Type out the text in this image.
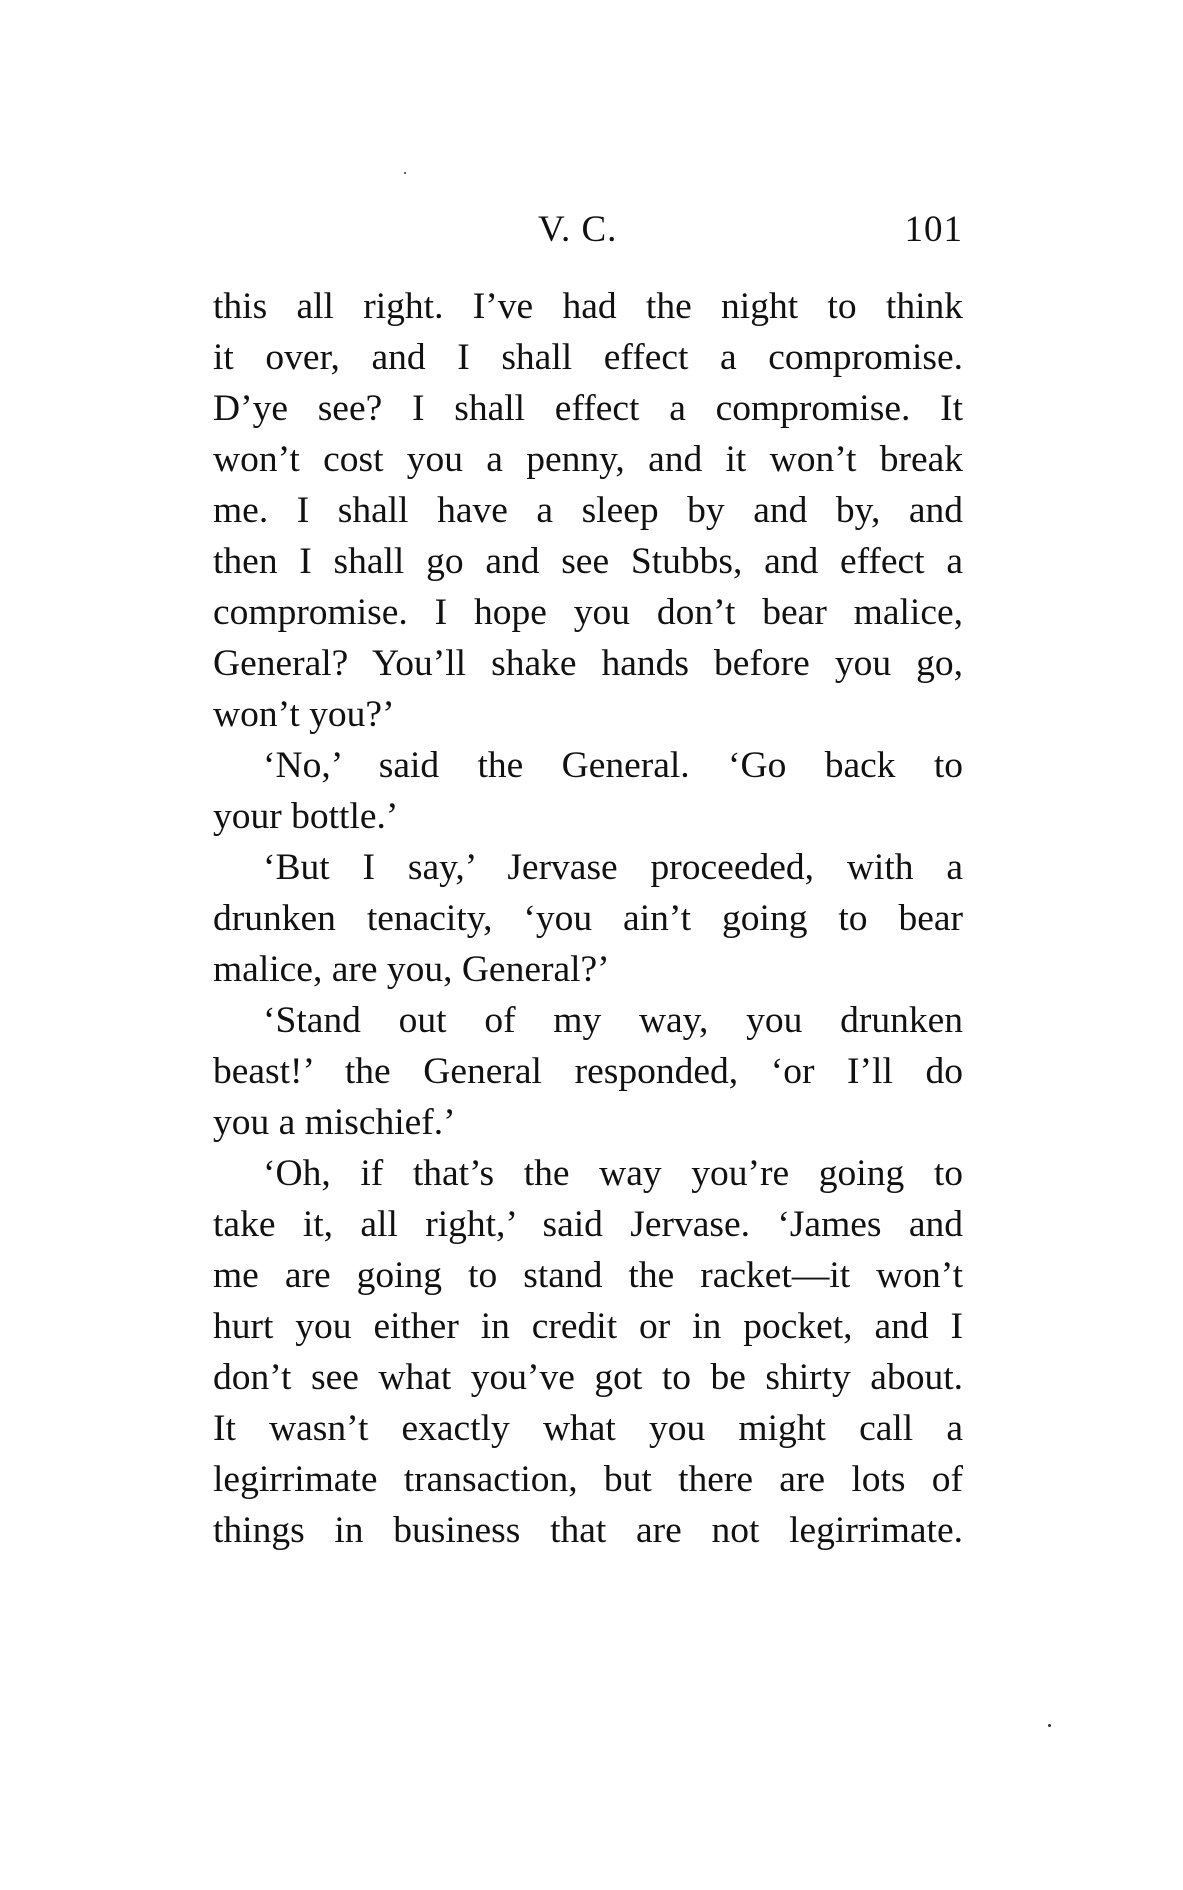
V. C.	101
this all right. I’ve had the night to think
it over, and I shall effect a compromise.
D’ye see? I shall effect a compromise. It
won’t cost you a penny, and it won’t break
me. I shall have a sleep by and by, and
then I shall go and see Stubbs, and effect a
compromise. I hope you don’t bear malice,
General? You’ll shake hands before you go,
won’t you?’
‘No,’ said the General. ‘Go back to
your bottle.’
‘But I say,’ Jervase proceeded, with a
drunken tenacity, ‘you ain’t going to bear
malice, are you, General?’
‘Stand out of my way, you drunken
beast!’ the General responded, ‘or I’ll do
you a mischief.’
‘Oh, if that’s the way you’re going to
take it, all right,’ said Jervase. ‘James and
me are going to stand the racket—it won’t
hurt you either in credit or in pocket, and I
don’t see what you’ve got to be shirty about.
It wasn’t exactly what you might call a
legirrimate transaction, but there are lots of
things in business that are not legirrimate.
